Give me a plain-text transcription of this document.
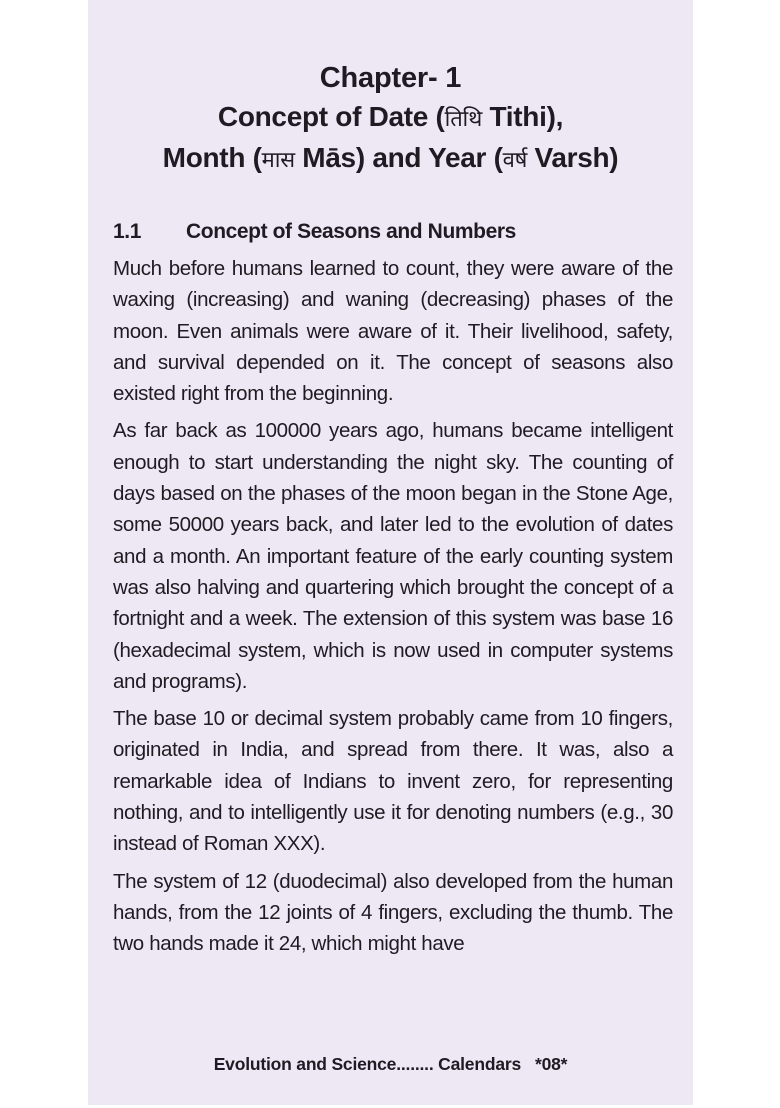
Chapter- 1
Concept of Date (तिथि Tithi),
Month (मास Mās) and Year (वर्ष Varsh)
1.1 Concept of Seasons and Numbers

Much before humans learned to count, they were aware of the waxing (increasing) and waning (decreasing) phases of the moon. Even animals were aware of it. Their livelihood, safety, and survival depended on it. The concept of seasons also existed right from the beginning.

As far back as 100000 years ago, humans became intelligent enough to start understanding the night sky. The counting of days based on the phases of the moon began in the Stone Age, some 50000 years back, and later led to the evolution of dates and a month. An important feature of the early counting system was also halving and quartering which brought the concept of a fortnight and a week. The extension of this system was base 16 (hexadecimal system, which is now used in computer systems and programs).

The base 10 or decimal system probably came from 10 fingers, originated in India, and spread from there. It was, also a remarkable idea of Indians to invent zero, for representing nothing, and to intelligently use it for denoting numbers (e.g., 30 instead of Roman XXX).

The system of 12 (duodecimal) also developed from the human hands, from the 12 joints of 4 fingers, excluding the thumb. The two hands made it 24, which might have

Evolution and Science........ Calendars *08*
